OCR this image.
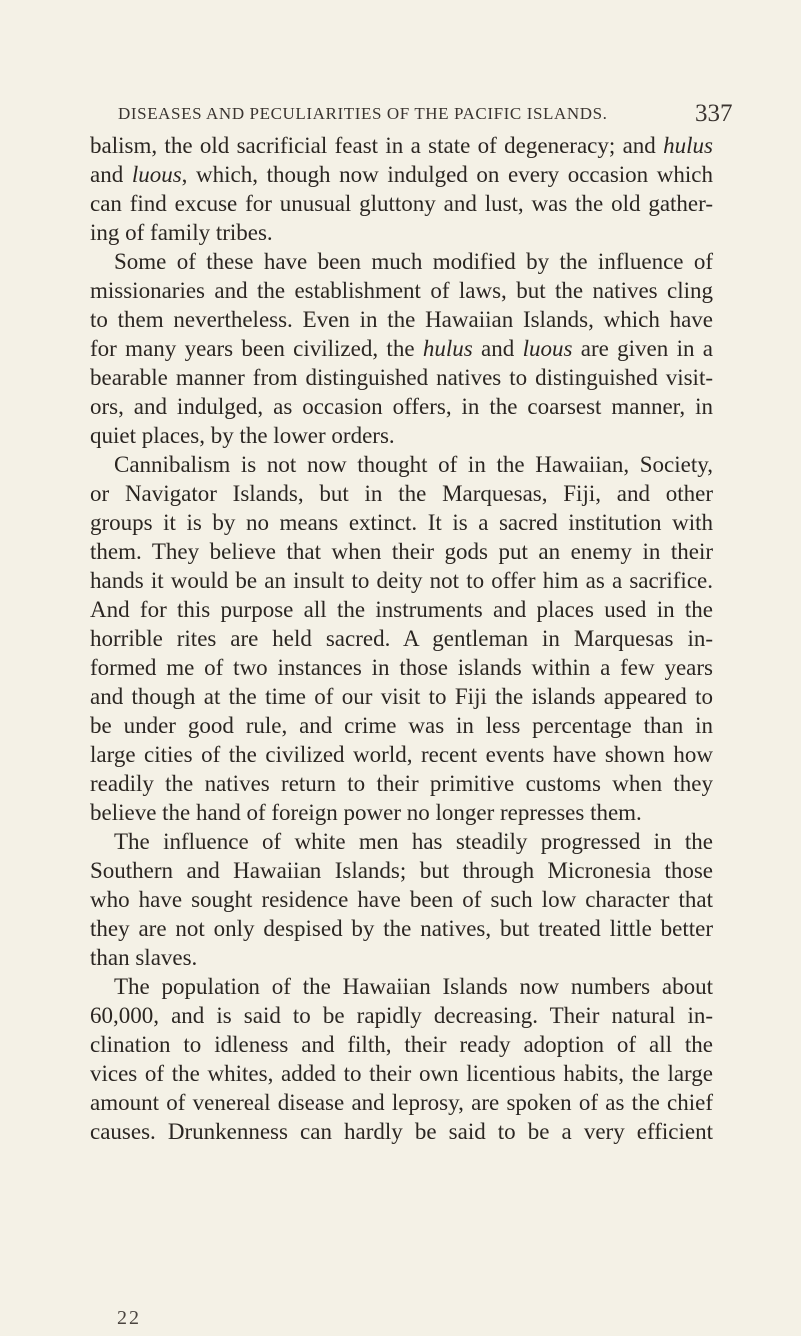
DISEASES AND PECULIARITIES OF THE PACIFIC ISLANDS.	337
balism, the old sacrificial feast in a state of degeneracy; and hulus
and luous, which, though now indulged on every occasion which
can find excuse for unusual gluttony and lust, was the old gather-
ing of family tribes.
Some of these have been much modified by the influence of
missionaries and the establishment of laws, but the natives cling
to them nevertheless. Even in the Hawaiian Islands, which have
for many years been civilized, the hulus and luous are given in a
bearable manner from distinguished natives to distinguished visit-
ors, and indulged, as occasion offers, in the coarsest manner, in
quiet places, by the lower orders.
Cannibalism is not now thought of in the Hawaiian, Society,
or Navigator Islands, but in the Marquesas, Fiji, and other
groups it is by no means extinct. It is a sacred institution with
them. They believe that when their gods put an enemy in their
hands it would be an insult to deity not to offer him as a sacrifice.
And for this purpose all the instruments and places used in the
horrible rites are held sacred. A gentleman in Marquesas in-
formed me of two instances in those islands within a few years
and though at the time of our visit to Fiji the islands appeared to
be under good rule, and crime was in less percentage than in
large cities of the civilized world, recent events have shown how
readily the natives return to their primitive customs when they
believe the hand of foreign power no longer represses them.
The influence of white men has steadily progressed in the
Southern and Hawaiian Islands; but through Micronesia those
who have sought residence have been of such low character that
they are not only despised by the natives, but treated little better
than slaves.
The population of the Hawaiian Islands now numbers about
60,000, and is said to be rapidly decreasing. Their natural in-
clination to idleness and filth, their ready adoption of all the
vices of the whites, added to their own licentious habits, the large
amount of venereal disease and leprosy, are spoken of as the chief
causes. Drunkenness can hardly be said to be a very efficient
22
